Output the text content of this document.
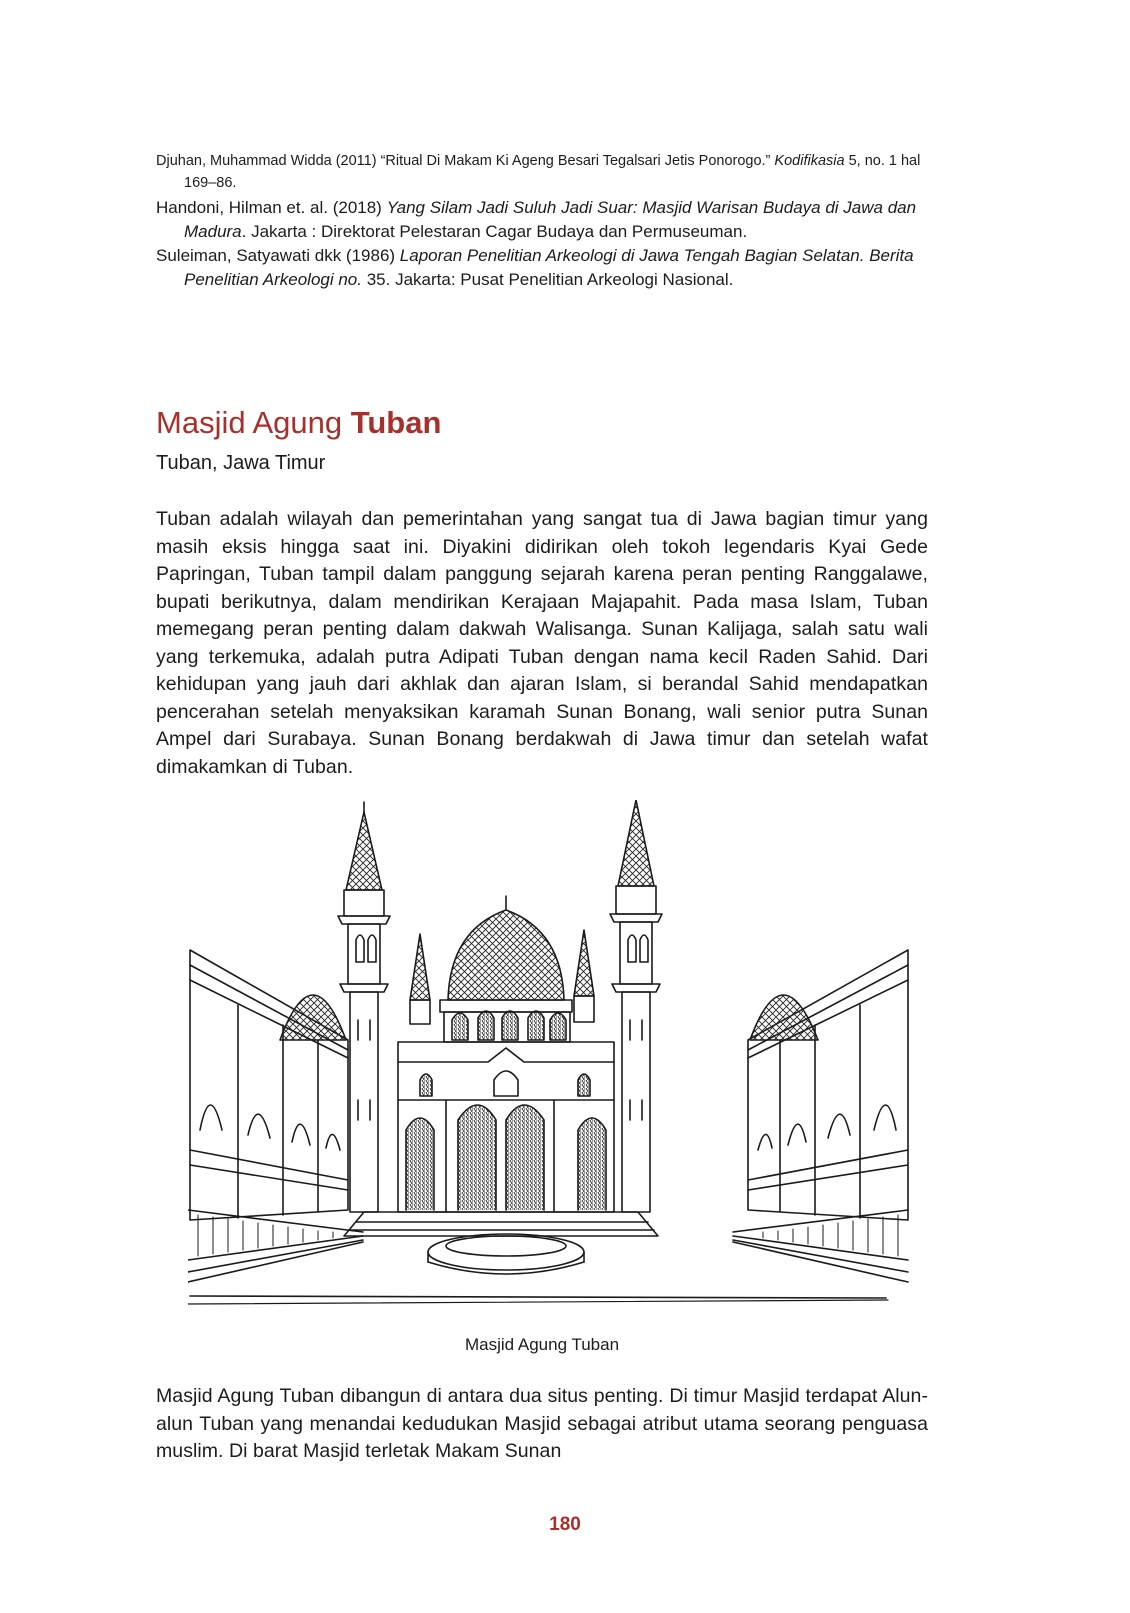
Djuhan, Muhammad Widda (2011) “Ritual Di Makam Ki Ageng Besari Tegalsari Jetis Ponorogo.” Kodifikasia 5, no. 1 hal 169–86.

Handoni, Hilman et. al. (2018) Yang Silam Jadi Suluh Jadi Suar: Masjid Warisan Budaya di Jawa dan Madura. Jakarta : Direktorat Pelestaran Cagar Budaya dan Permuseuman.

Suleiman, Satyawati dkk (1986) Laporan Penelitian Arkeologi di Jawa Tengah Bagian Selatan. Berita Penelitian Arkeologi no. 35. Jakarta: Pusat Penelitian Arkeologi Nasional.

Masjid Agung Tuban

Tuban, Jawa Timur

Tuban adalah wilayah dan pemerintahan yang sangat tua di Jawa bagian timur yang masih eksis hingga saat ini. Diyakini didirikan oleh tokoh legendaris Kyai Gede Papringan, Tuban tampil dalam panggung sejarah karena peran penting Ranggalawe, bupati berikutnya, dalam mendirikan Kerajaan Majapahit. Pada masa Islam, Tuban memegang peran penting dalam dakwah Walisanga. Sunan Kalijaga, salah satu wali yang terkemuka, adalah putra Adipati Tuban dengan nama kecil Raden Sahid. Dari kehidupan yang jauh dari akhlak dan ajaran Islam, si berandal Sahid mendapatkan pencerahan setelah menyaksikan karamah Sunan Bonang, wali senior putra Sunan Ampel dari Surabaya. Sunan Bonang berdakwah di Jawa timur dan setelah wafat dimakamkan di Tuban.

Masjid Agung Tuban

Masjid Agung Tuban dibangun di antara dua situs penting. Di timur Masjid terdapat Alun-alun Tuban yang menandai kedudukan Masjid sebagai atribut utama seorang penguasa muslim. Di barat Masjid terletak Makam Sunan

180
